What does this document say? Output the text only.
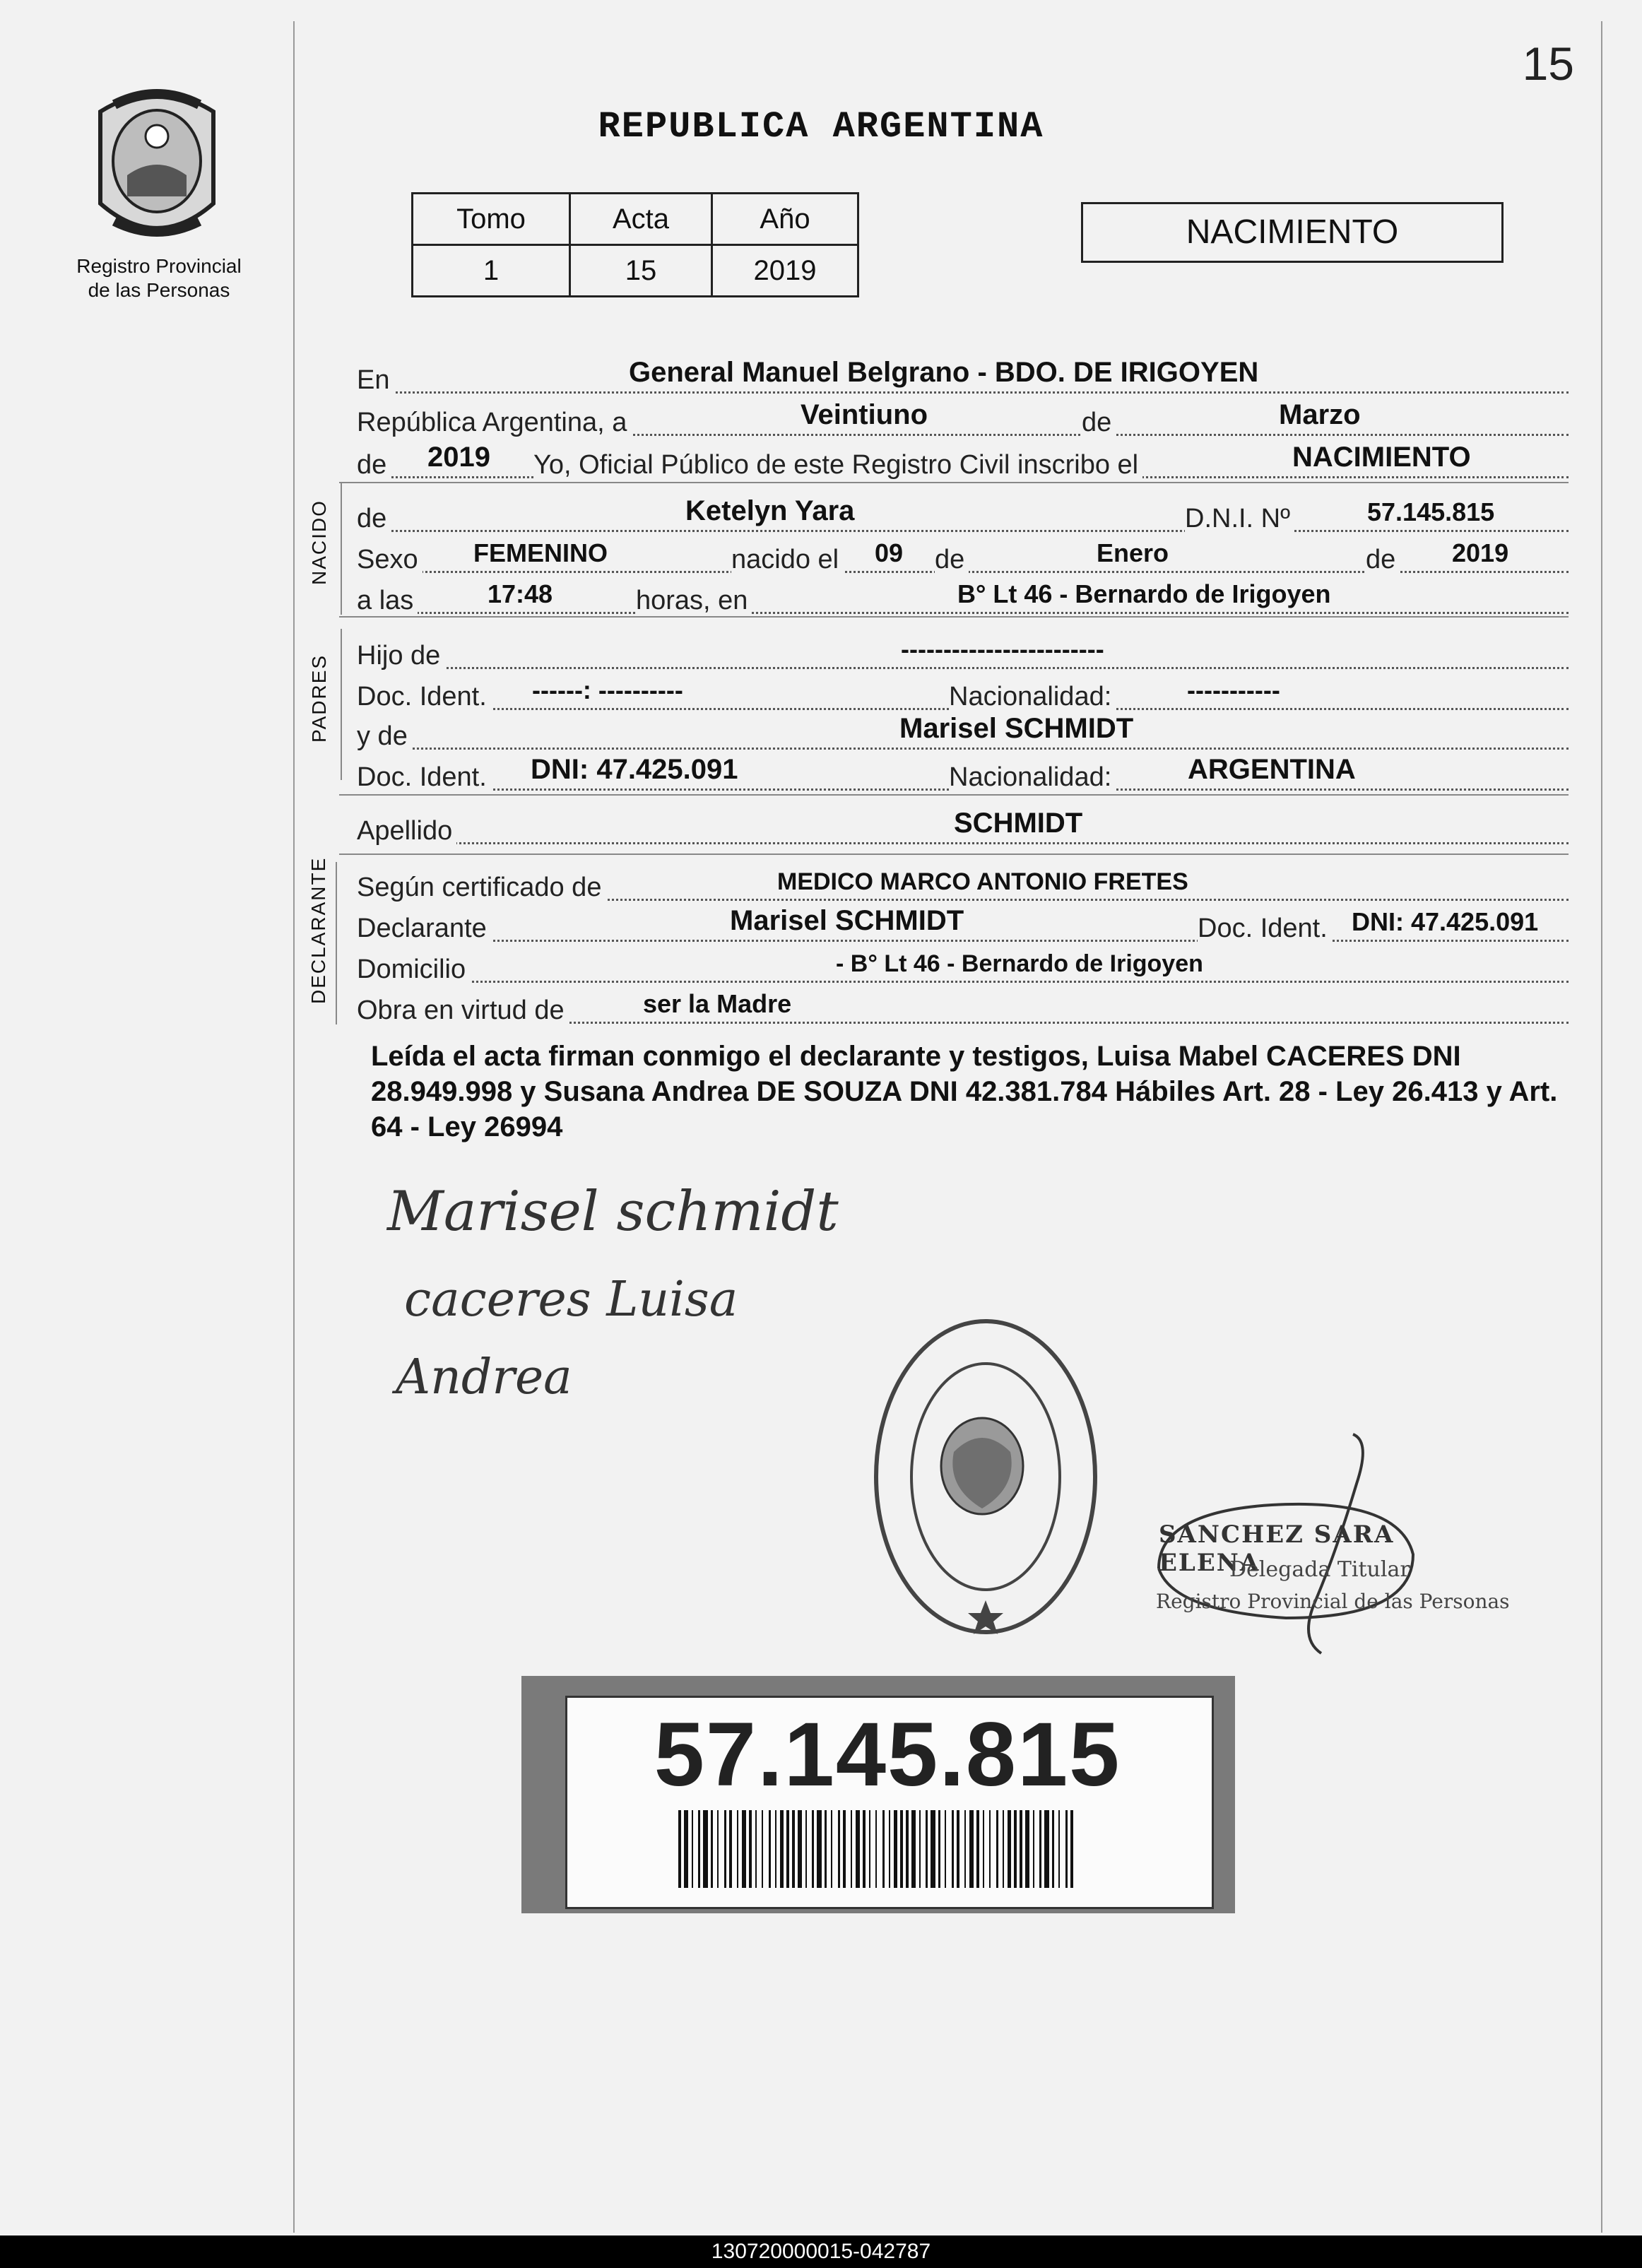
15
Registro Provincial
de las Personas
REPUBLICA ARGENTINA
Tomo	Acta	Año
1	15	2019
NACIMIENTO
En	General Manuel Belgrano - BDO. DE IRIGOYEN
República Argentina, a	Veintiuno	de	Marzo
de 2019 Yo, Oficial Público de este Registro Civil inscribo el	NACIMIENTO
NACIDO de	Ketelyn Yara	D.N.I. Nº	57.145.815
Sexo FEMENINO	nacido el 09 de	Enero	de 2019
a las	17:48	horas, en	B° Lt 46 - Bernardo de Irigoyen
PADRES Hijo de	------------------------
Doc. Ident. ------: ----------	Nacionalidad:	-----------
y de	Marisel SCHMIDT
Doc. Ident. DNI: 47.425.091	Nacionalidad:	ARGENTINA
Apellido	SCHMIDT
DECLARANTE Según certificado de	MEDICO MARCO ANTONIO FRETES
Declarante	Marisel SCHMIDT	Doc. Ident. DNI: 47.425.091
Domicilio	- B° Lt 46 - Bernardo de Irigoyen
Obra en virtud de	ser la Madre
Leída el acta firman conmigo el declarante y testigos, Luisa Mabel CACERES DNI 28.949.998 y Susana Andrea DE SOUZA DNI 42.381.784 Hábiles Art. 28 - Ley 26.413 y Art. 64 - Ley 26994
Marisel schmidt
caceres Luisa
Andrea
SANCHEZ SARA ELENA
Delegada Titular
Registro Provincial de las Personas
57.145.815
130720000015-042787
